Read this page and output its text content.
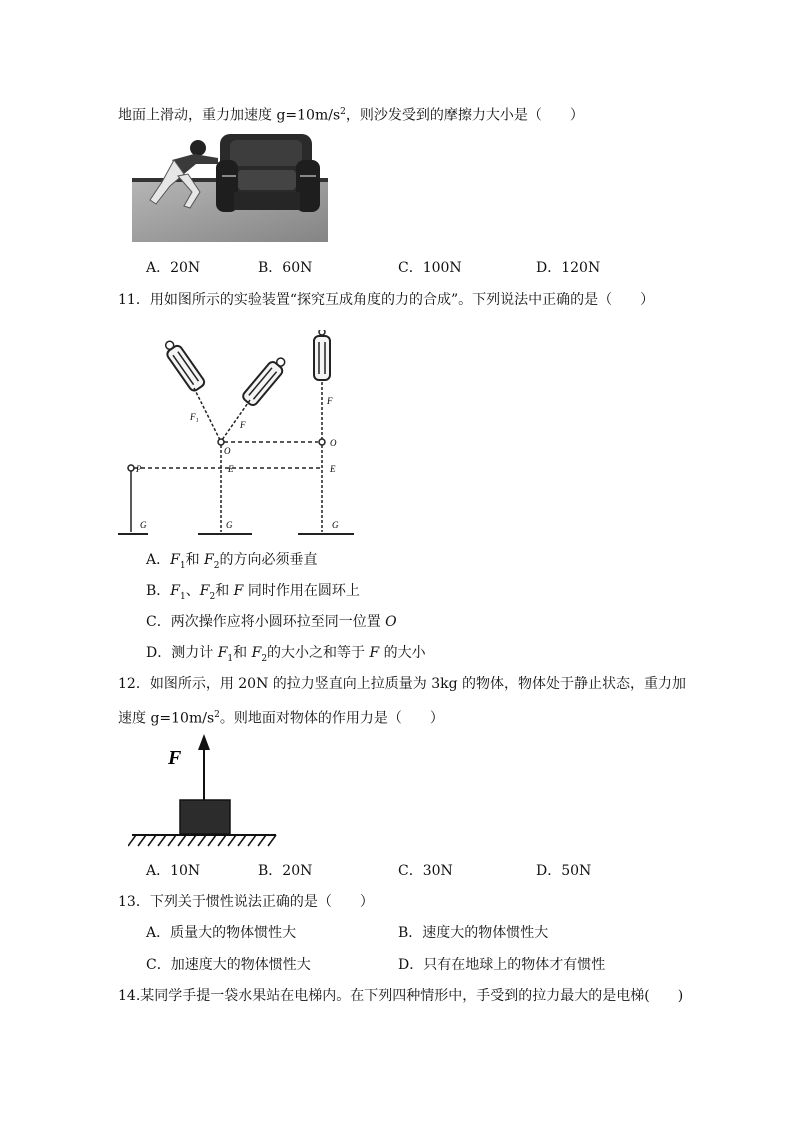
地面上滑动，重力加速度 $g=10m/s^2$，则沙发受到的摩擦力大小是（　　）
A．20N	B．60N	C．100N	D．120N
11．用如图所示的实验装置“探究互成角度的力的合成”。下列说法中正确的是（　　）
F₁
F
F
O
O
P	E	E
G	G	G
A．$F_1$和 $F_2$的方向必须垂直
B．$F_1$、$F_2$和 F 同时作用在圆环上
C．两次操作应将小圆环拉至同一位置 O
D．测力计 $F_1$和 $F_2$的大小之和等于 F 的大小
12．如图所示，用 20N 的拉力竖直向上拉质量为 3kg 的物体，物体处于静止状态，重力加
速度 $g=10m/s^2$。则地面对物体的作用力是（　　）
F
A．10N	B．20N	C．30N	D．50N
13．下列关于惯性说法正确的是（　　）
A．质量大的物体惯性大	B．速度大的物体惯性大
C．加速度大的物体惯性大	D．只有在地球上的物体才有惯性
14.某同学手提一袋水果站在电梯内。在下列四种情形中，手受到的拉力最大的是电梯(　　)
